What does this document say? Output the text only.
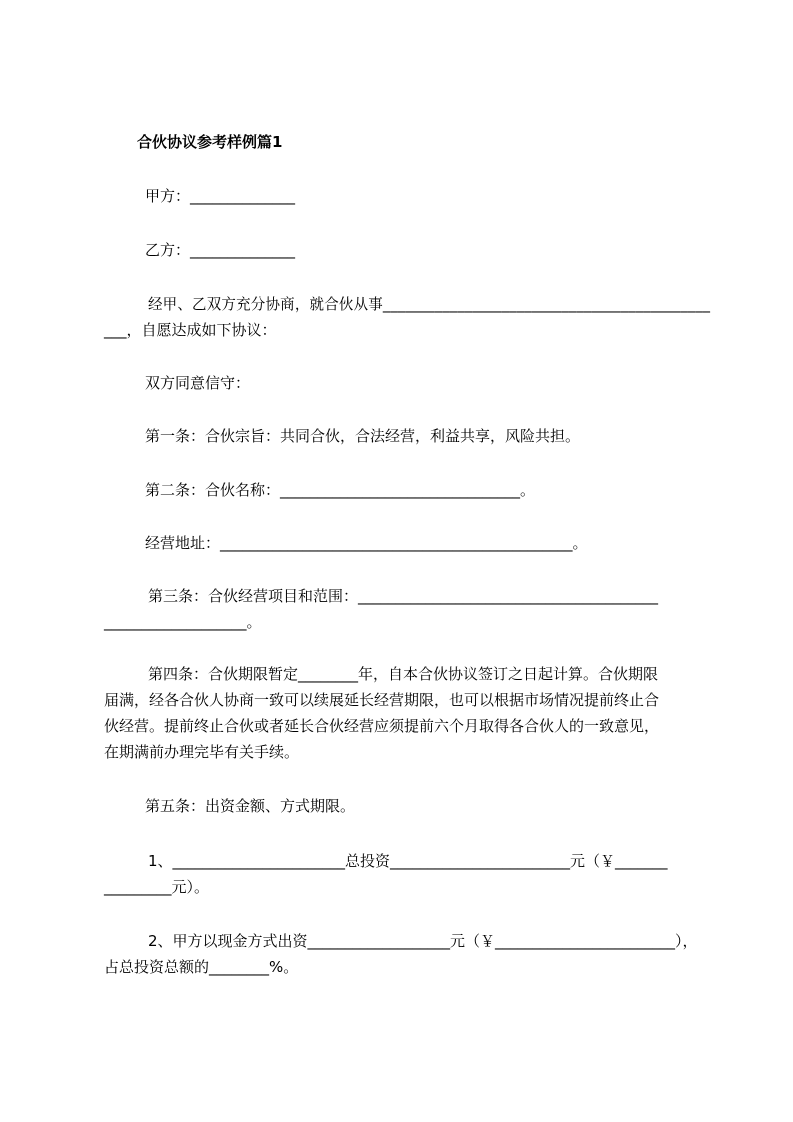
合伙协议参考样例篇1
甲方：______________
乙方：______________
经甲、乙双方充分协商，就合伙从事____________________________________________
___，自愿达成如下协议：
双方同意信守：
第一条：合伙宗旨：共同合伙，合法经营，利益共享，风险共担。
第二条：合伙名称：________________________________。
经营地址：_______________________________________________。
第三条：合伙经营项目和范围：________________________________________
___________________。
第四条：合伙期限暂定________年，自本合伙协议签订之日起计算。合伙期限
届满，经各合伙人协商一致可以续展延长经营期限，也可以根据市场情况提前终止合
伙经营。提前终止合伙或者延长合伙经营应须提前六个月取得各合伙人的一致意见，
在期满前办理完毕有关手续。
第五条：出资金额、方式期限。
1、_______________________总投资________________________元（￥_______
_________元）。
2、甲方以现金方式出资___________________元（￥________________________），
占总投资总额的________%。
